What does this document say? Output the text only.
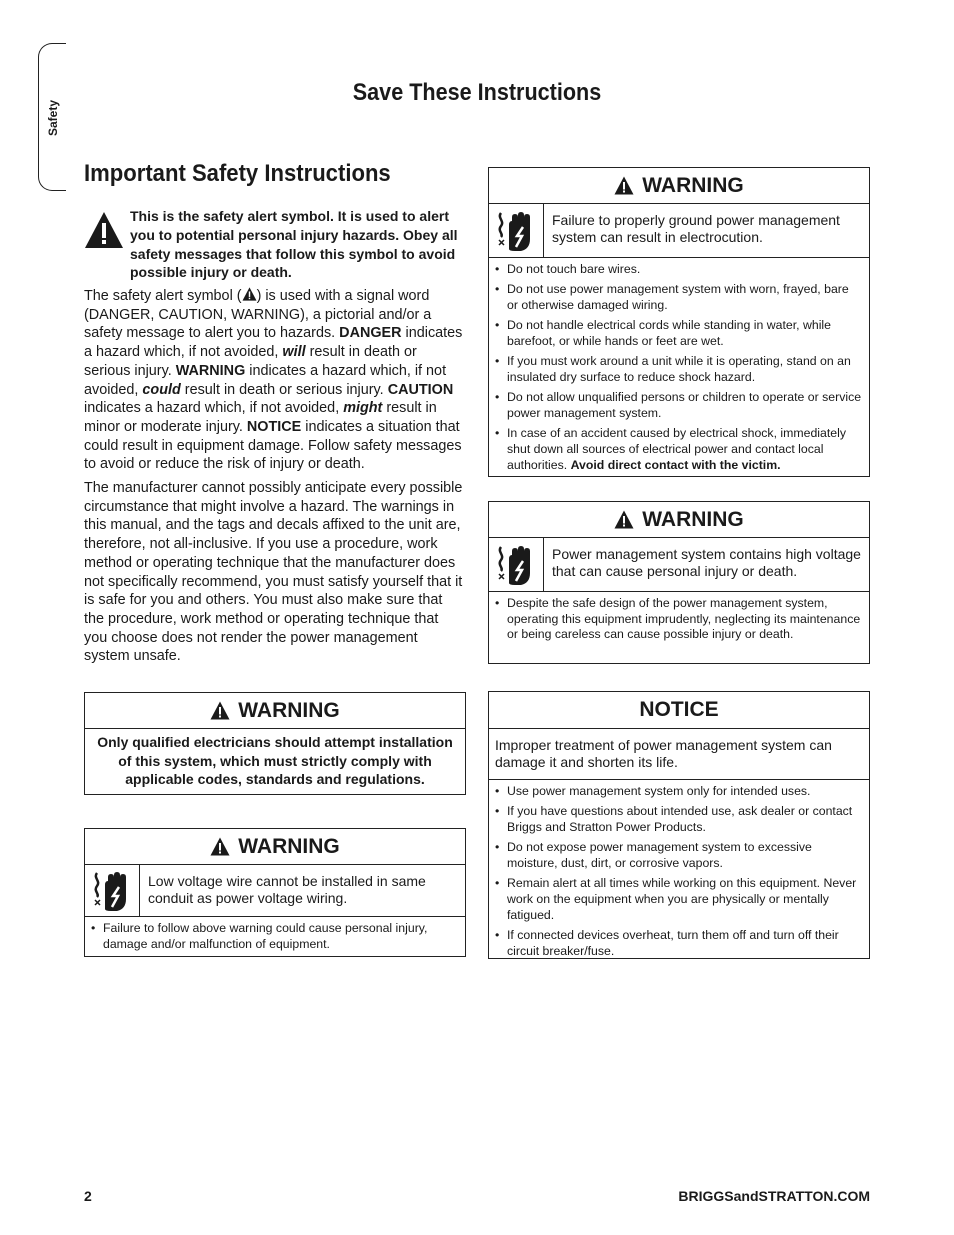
Safety
Save These Instructions
Important Safety Instructions
This is the safety alert symbol. It is used to alert you to potential personal injury hazards. Obey all safety messages that follow this symbol to avoid possible injury or death.

The safety alert symbol ( ) is used with a signal word (DANGER, CAUTION, WARNING), a pictorial and/or a safety message to alert you to hazards. DANGER indicates a hazard which, if not avoided, will result in death or serious injury. WARNING indicates a hazard which, if not avoided, could result in death or serious injury. CAUTION indicates a hazard which, if not avoided, might result in minor or moderate injury. NOTICE indicates a situation that could result in equipment damage. Follow safety messages to avoid or reduce the risk of injury or death.

The manufacturer cannot possibly anticipate every possible circumstance that might involve a hazard. The warnings in this manual, and the tags and decals affixed to the unit are, therefore, not all-inclusive. If you use a procedure, work method or operating technique that the manufacturer does not specifically recommend, you must satisfy yourself that it is safe for you and others. You must also make sure that the procedure, work method or operating technique that you choose does not render the power management system unsafe.

WARNING
Only qualified electricians should attempt installation of this system, which must strictly comply with applicable codes, standards and regulations.
WARNING
Low voltage wire cannot be installed in same conduit as power voltage wiring.
• Failure to follow above warning could cause personal injury, damage and/or malfunction of equipment.
WARNING
Failure to properly ground power management system can result in electrocution.
• Do not touch bare wires.
• Do not use power management system with worn, frayed, bare or otherwise damaged wiring.
• Do not handle electrical cords while standing in water, while barefoot, or while hands or feet are wet.
• If you must work around a unit while it is operating, stand on an insulated dry surface to reduce shock hazard.
• Do not allow unqualified persons or children to operate or service power management system.
• In case of an accident caused by electrical shock, immediately shut down all sources of electrical power and contact local authorities. Avoid direct contact with the victim.
WARNING
Power management system contains high voltage that can cause personal injury or death.
• Despite the safe design of the power management system, operating this equipment imprudently, neglecting its maintenance or being careless can cause possible injury or death.
NOTICE
Improper treatment of power management system can damage it and shorten its life.
• Use power management system only for intended uses.
• If you have questions about intended use, ask dealer or contact Briggs and Stratton Power Products.
• Do not expose power management system to excessive moisture, dust, dirt, or corrosive vapors.
• Remain alert at all times while working on this equipment. Never work on the equipment when you are physically or mentally fatigued.
• If connected devices overheat, turn them off and turn off their circuit breaker/fuse.
2	BRIGGSandSTRATTON.COM
